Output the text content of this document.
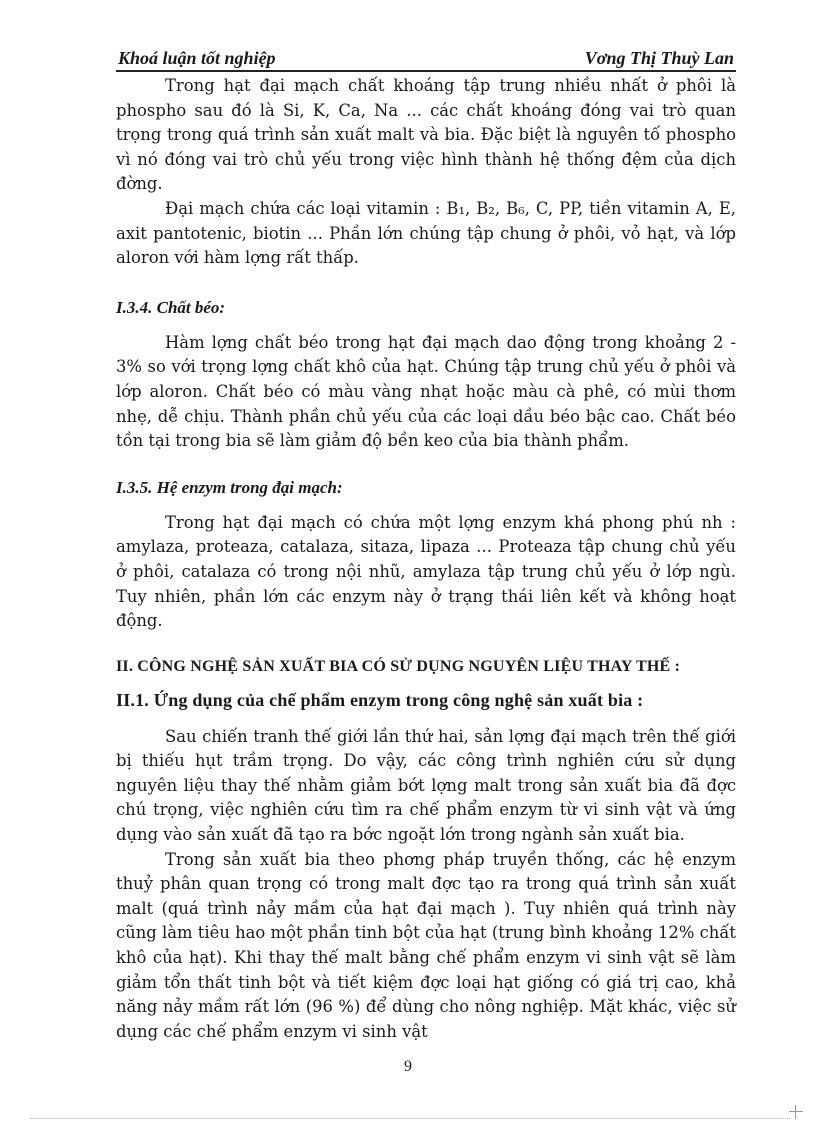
Khoá luận tốt nghiệp	Vơng Thị Thuỳ Lan

Trong hạt đại mạch chất khoáng tập trung nhiều nhất ở phôi là phospho sau đó là Si, K, Ca, Na ... các chất khoáng đóng vai trò quan trọng trong quá trình sản xuất malt và bia. Đặc biệt là nguyên tố phospho vì nó đóng vai trò chủ yếu trong việc hình thành hệ thống đệm của dịch đờng.

Đại mạch chứa các loại vitamin : B₁, B₂, B₆, C, PP, tiền vitamin A, E, axit pantotenic, biotin ... Phần lớn chúng tập chung ở phôi, vỏ hạt, và lớp aloron với hàm lợng rất thấp.

I.3.4. Chất béo:

Hàm lợng chất béo trong hạt đại mạch dao động trong khoảng 2 - 3% so với trọng lợng chất khô của hạt. Chúng tập trung chủ yếu ở phôi và lớp aloron. Chất béo có màu vàng nhạt hoặc màu cà phê, có mùi thơm nhẹ, dễ chịu. Thành phần chủ yếu của các loại dầu béo bậc cao. Chất béo tồn tại trong bia sẽ làm giảm độ bền keo của bia thành phẩm.

I.3.5. Hệ enzym trong đại mạch:

Trong hạt đại mạch có chứa một lợng enzym khá phong phú nh : amylaza, proteaza, catalaza, sitaza, lipaza ... Proteaza tập chung chủ yếu ở phôi, catalaza có trong nội nhũ, amylaza tập trung chủ yếu ở lớp ngù. Tuy nhiên, phần lớn các enzym này ở trạng thái liên kết và không hoạt động.

II. CÔNG NGHỆ SẢN XUẤT BIA CÓ SỬ DỤNG NGUYÊN LIỆU THAY THẾ :
II.1. Ứng dụng của chế phẩm enzym trong công nghệ sản xuất bia :

Sau chiến tranh thế giới lần thứ hai, sản lợng đại mạch trên thế giới bị thiếu hụt trầm trọng. Do vậy, các công trình nghiên cứu sử dụng nguyên liệu thay thế nhằm giảm bớt lợng malt trong sản xuất bia đã đợc chú trọng, việc nghiên cứu tìm ra chế phẩm enzym từ vi sinh vật và ứng dụng vào sản xuất đã tạo ra bớc ngoặt lớn trong ngành sản xuất bia.

Trong sản xuất bia theo phơng pháp truyền thống, các hệ enzym thuỷ phân quan trọng có trong malt đợc tạo ra trong quá trình sản xuất malt (quá trình nảy mầm của hạt đại mạch ). Tuy nhiên quá trình này cũng làm tiêu hao một phần tinh bột của hạt (trung bình khoảng 12% chất khô của hạt). Khi thay thế malt bằng chế phẩm enzym vi sinh vật sẽ làm giảm tổn thất tinh bột và tiết kiệm đợc loại hạt giống có giá trị cao, khả năng nảy mầm rất lớn (96 %) để dùng cho nông nghiệp. Mặt khác, việc sử dụng các chế phẩm enzym vi sinh vật

9
